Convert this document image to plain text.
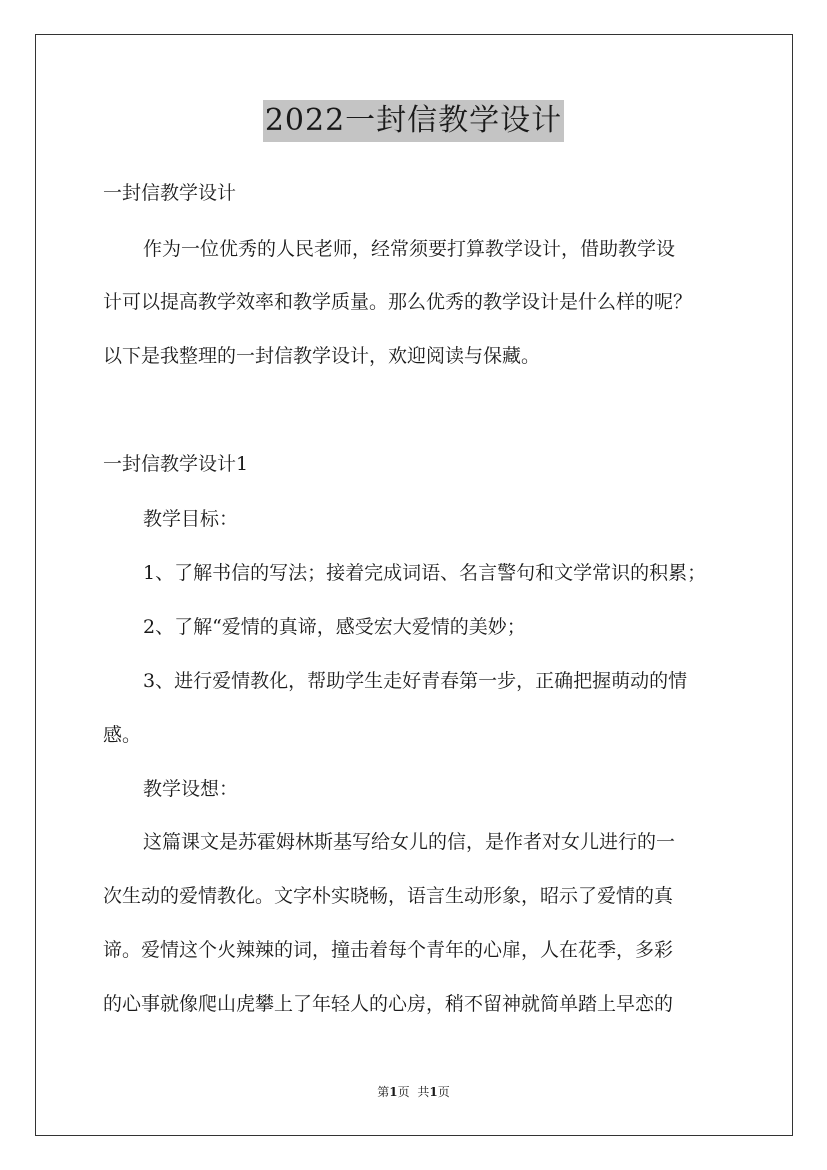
2022一封信教学设计
一封信教学设计
作为一位优秀的人民老师，经常须要打算教学设计，借助教学设
计可以提高教学效率和教学质量。那么优秀的教学设计是什么样的呢？
以下是我整理的一封信教学设计，欢迎阅读与保藏。
一封信教学设计1
教学目标：
1、了解书信的写法；接着完成词语、名言警句和文学常识的积累；
2、了解“爱情的真谛，感受宏大爱情的美妙；
3、进行爱情教化，帮助学生走好青春第一步，正确把握萌动的情
感。
教学设想：
这篇课文是苏霍姆林斯基写给女儿的信，是作者对女儿进行的一
次生动的爱情教化。文字朴实晓畅，语言生动形象，昭示了爱情的真
谛。爱情这个火辣辣的词，撞击着每个青年的心扉，人在花季，多彩
的心事就像爬山虎攀上了年轻人的心房，稍不留神就简单踏上早恋的
第1页 共1页
